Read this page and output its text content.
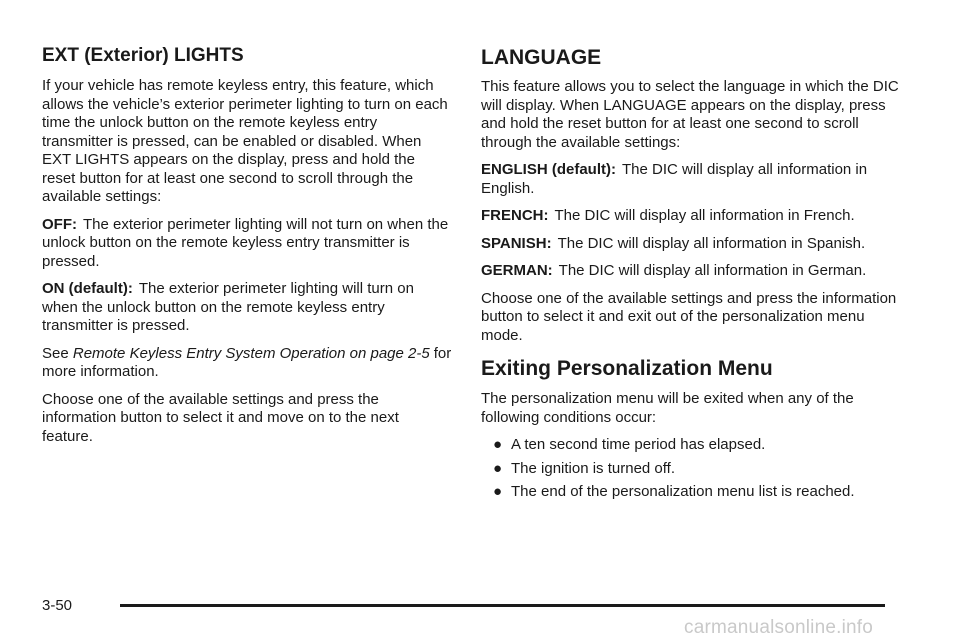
EXT (Exterior) LIGHTS

If your vehicle has remote keyless entry, this feature, which allows the vehicle’s exterior perimeter lighting to turn on each time the unlock button on the remote keyless entry transmitter is pressed, can be enabled or disabled. When EXT LIGHTS appears on the display, press and hold the reset button for at least one second to scroll through the available settings:

OFF: The exterior perimeter lighting will not turn on when the unlock button on the remote keyless entry transmitter is pressed.

ON (default): The exterior perimeter lighting will turn on when the unlock button on the remote keyless entry transmitter is pressed.

See Remote Keyless Entry System Operation on page 2-5 for more information.

Choose one of the available settings and press the information button to select it and move on to the next feature.

LANGUAGE

This feature allows you to select the language in which the DIC will display. When LANGUAGE appears on the display, press and hold the reset button for at least one second to scroll through the available settings:

ENGLISH (default): The DIC will display all information in English.

FRENCH: The DIC will display all information in French.

SPANISH: The DIC will display all information in Spanish.

GERMAN: The DIC will display all information in German.

Choose one of the available settings and press the information button to select it and exit out of the personalization menu mode.

Exiting Personalization Menu

The personalization menu will be exited when any of the following conditions occur:

● A ten second time period has elapsed.
● The ignition is turned off.
● The end of the personalization menu list is reached.
3-50
carmanualsonline.info
